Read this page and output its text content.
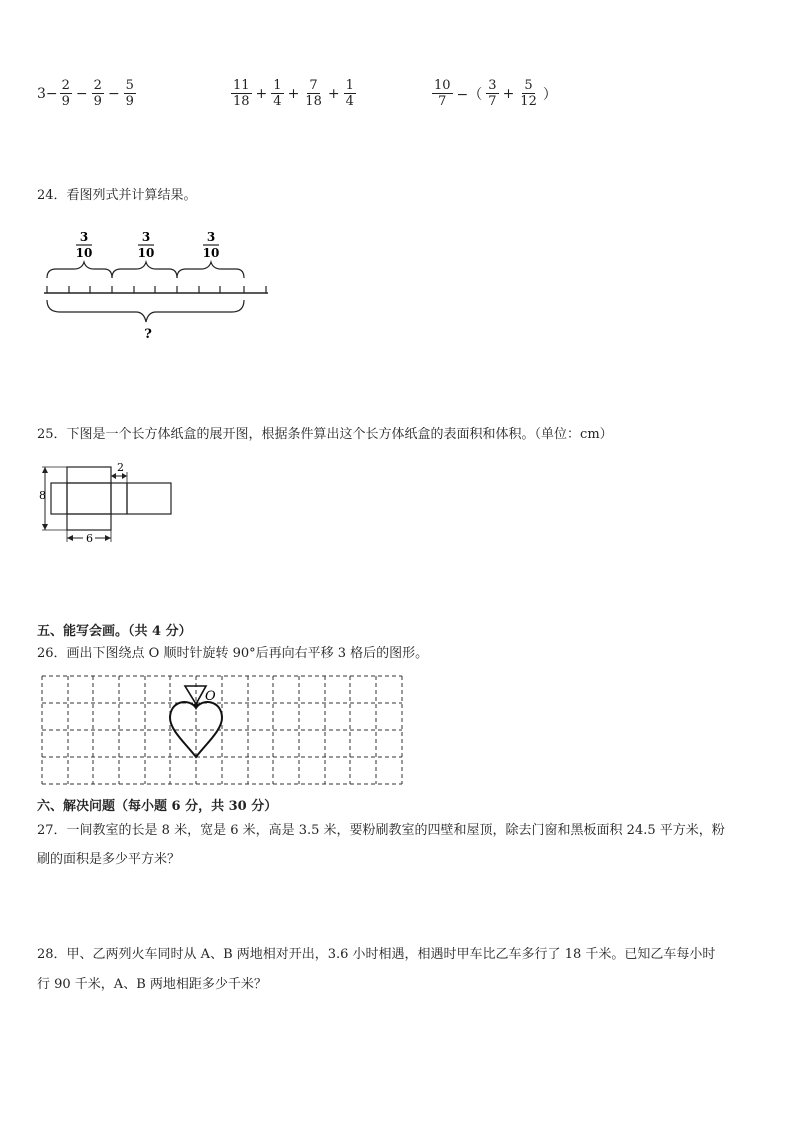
$3- \frac{2}{9} - \frac{2}{9} - \frac{5}{9}$	$\frac{11}{18} + \frac{1}{4} + \frac{7}{18} + \frac{1}{4}$	$\frac{10}{7}$ −（ $\frac{3}{7} + \frac{5}{12}$ ）
24．看图列式并计算结果。
3
10
3
10
3
10
?
25．下图是一个长方体纸盒的展开图，根据条件算出这个长方体纸盒的表面积和体积。（单位：cm）
8
2
6
五、能写会画。（共 4 分）
26．画出下图绕点 O 顺时针旋转 90°后再向右平移 3 格后的图形。
O
六、解决问题（每小题 6 分，共 30 分）
27．一间教室的长是 8 米，宽是 6 米，高是 3.5 米，要粉刷教室的四壁和屋顶，除去门窗和黑板面积 24.5 平方米，粉
刷的面积是多少平方米？
28．甲、乙两列火车同时从 A、B 两地相对开出，3.6 小时相遇，相遇时甲车比乙车多行了 18 千米。已知乙车每小时
行 90 千米，A、B 两地相距多少千米？
